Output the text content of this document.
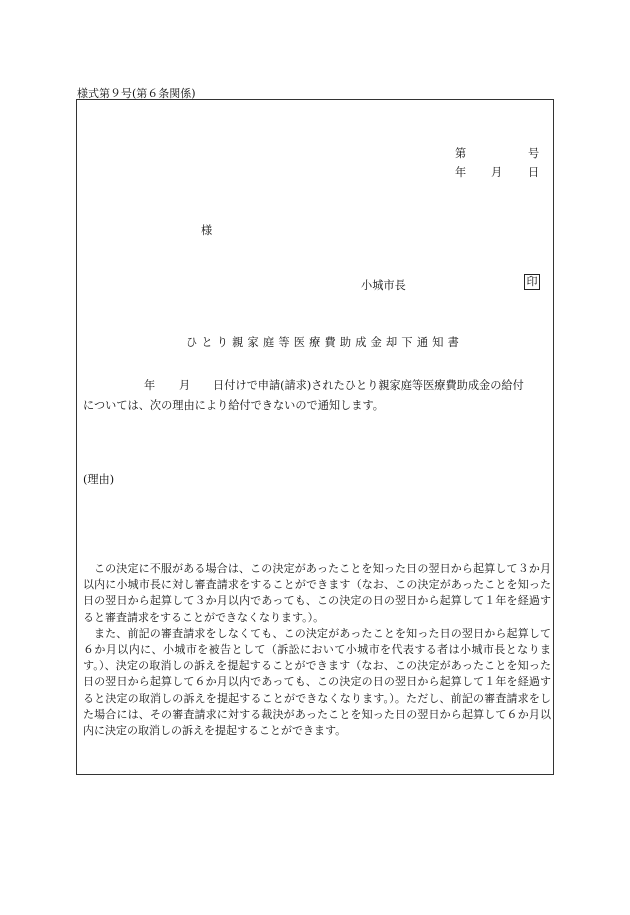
様式第９号(第６条関係)
第	号
年 月 日
様
小城市長	印
ひとり親家庭等医療費助成金却下通知書
年 月 日付けで申請(請求)されたひとり親家庭等医療費助成金の給付
については、次の理由により給付できないので通知します。
(理由)

この決定に不服がある場合は、この決定があったことを知った日の翌日から起算して３か月以内に小城市長に対し審査請求をすることができます（なお、この決定があったことを知った日の翌日から起算して３か月以内であっても、この決定の日の翌日から起算して１年を経過すると審査請求をすることができなくなります。）。

また、前記の審査請求をしなくても、この決定があったことを知った日の翌日から起算して６か月以内に、小城市を被告として（訴訟において小城市を代表する者は小城市長となります。）、決定の取消しの訴えを提起することができます（なお、この決定があったことを知った日の翌日から起算して６か月以内であっても、この決定の日の翌日から起算して１年を経過すると決定の取消しの訴えを提起することができなくなります。）。ただし、前記の審査請求をした場合には、その審査請求に対する裁決があったことを知った日の翌日から起算して６か月以内に決定の取消しの訴えを提起することができます。
